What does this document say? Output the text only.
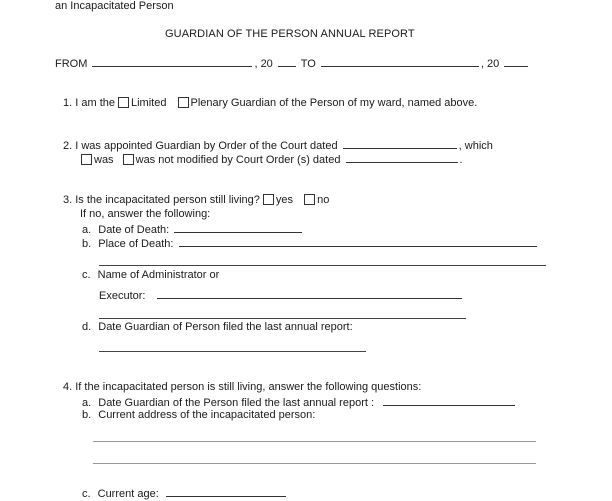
an Incapacitated Person
GUARDIAN OF THE PERSON ANNUAL REPORT
FROM	, 20	TO	, 20
1. I am the Limited Plenary Guardian of the Person of my ward, named above.
2. I was appointed Guardian by Order of the Court dated	, which
was was not modified by Court Order (s) dated	.
3. Is the incapacitated person still living? yes no
If no, answer the following:
a. Date of Death:
b. Place of Death:
c. Name of Administrator or
Executor:
d. Date Guardian of Person filed the last annual report:
4. If the incapacitated person is still living, answer the following questions:
a. Date Guardian of the Person filed the last annual report :
b. Current address of the incapacitated person:
c. Current age:
